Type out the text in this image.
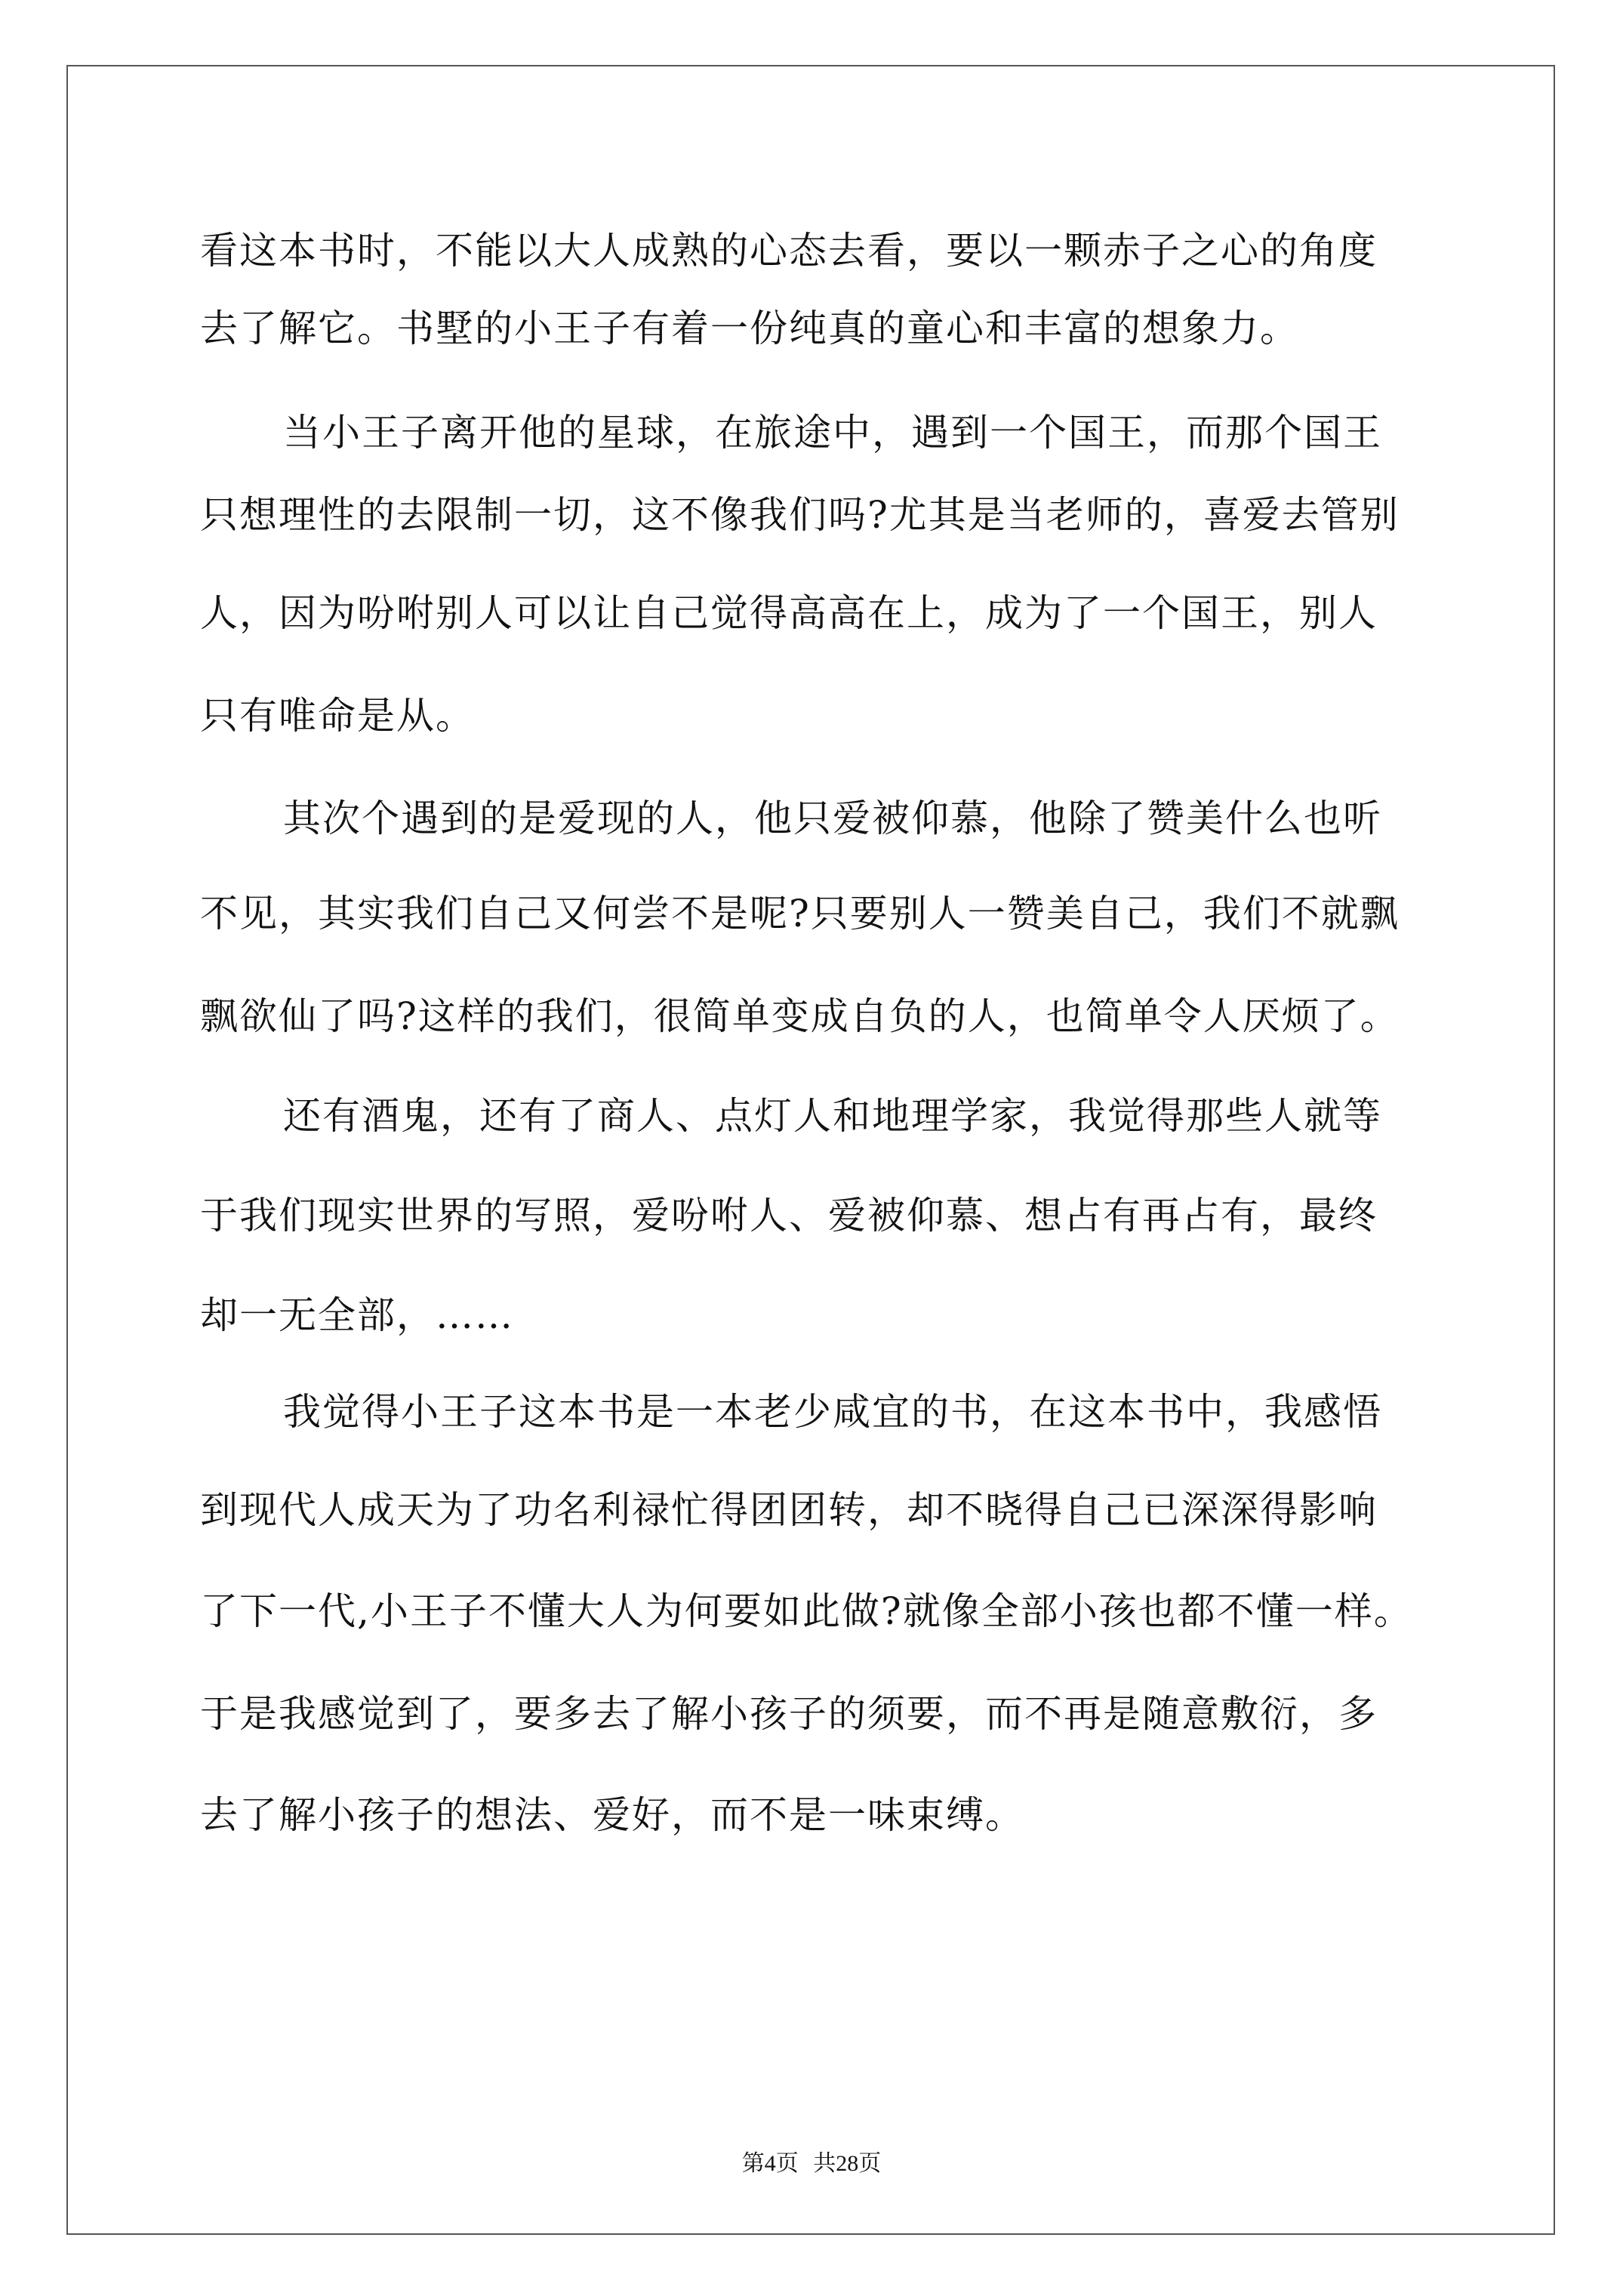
看这本书时，不能以大人成熟的心态去看，要以一颗赤子之心的角度

去了解它。书墅的小王子有着一份纯真的童心和丰富的想象力。

当小王子离开他的星球，在旅途中，遇到一个国王，而那个国王

只想理性的去限制一切，这不像我们吗?尤其是当老师的，喜爱去管别

人，因为吩咐别人可以让自己觉得高高在上，成为了一个国王，别人

只有唯命是从。

其次个遇到的是爱现的人，他只爱被仰慕，他除了赞美什么也听

不见，其实我们自己又何尝不是呢?只要别人一赞美自己，我们不就飘

飘欲仙了吗?这样的我们，很简单变成自负的人，也简单令人厌烦了。

还有酒鬼，还有了商人、点灯人和地理学家，我觉得那些人就等

于我们现实世界的写照，爱吩咐人、爱被仰慕、想占有再占有，最终

却一无全部，……

我觉得小王子这本书是一本老少咸宜的书，在这本书中，我感悟

到现代人成天为了功名利禄忙得团团转，却不晓得自己已深深得影响

了下一代,小王子不懂大人为何要如此做?就像全部小孩也都不懂一样。

于是我感觉到了，要多去了解小孩子的须要，而不再是随意敷衍，多

去了解小孩子的想法、爱好，而不是一味束缚。

第4页 共28页
